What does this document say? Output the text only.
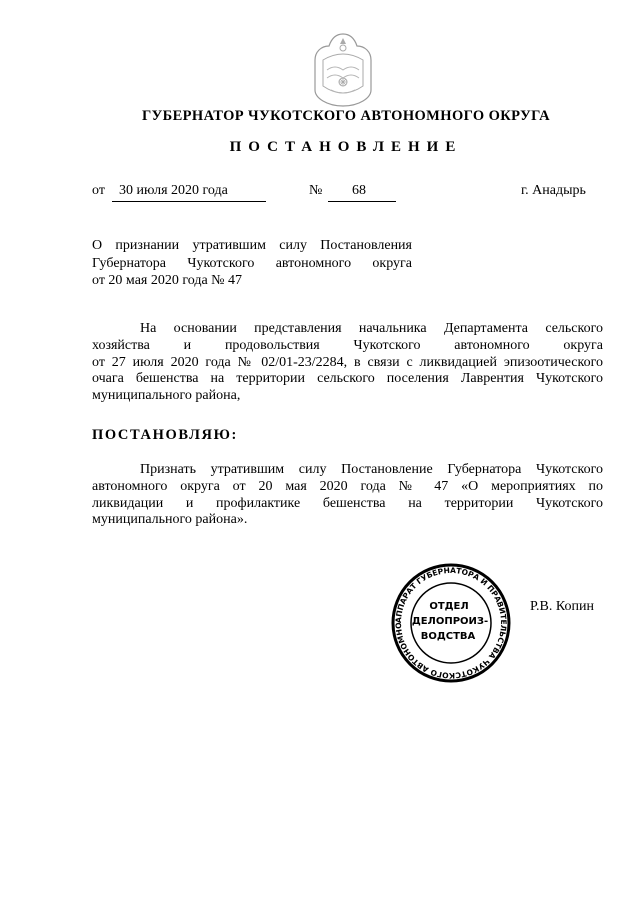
ГУБЕРНАТОР ЧУКОТСКОГО АВТОНОМНОГО ОКРУГА
ПОСТАНОВЛЕНИЕ
от 30 июля 2020 года	№ 68	г. Анадырь
О признании утратившим силу Постановления
Губернатора Чукотского автономного округа
от 20 мая 2020 года № 47
На основании представления начальника Департамента сельского
хозяйства и продовольствия Чукотского автономного округа
от 27 июля 2020 года № 02/01-23/2284, в связи с ликвидацией эпизоотического
очага бешенства на территории сельского поселения Лаврентия Чукотского
муниципального района,
ПОСТАНОВЛЯЮ:
Признать утратившим силу Постановление Губернатора Чукотского
автономного округа от 20 мая 2020 года № 47 «О мероприятиях по
ликвидации и профилактике бешенства на территории Чукотского
муниципального района».
АППАРАТ ГУБЕРНАТОРА И ПРАВИТЕЛЬСТВА ЧУКОТСКОГО АВТОНОМНО
ОТДЕЛ
ДЕЛОПРОИЗ-
ВОДСТВА
Р.В. Копин
